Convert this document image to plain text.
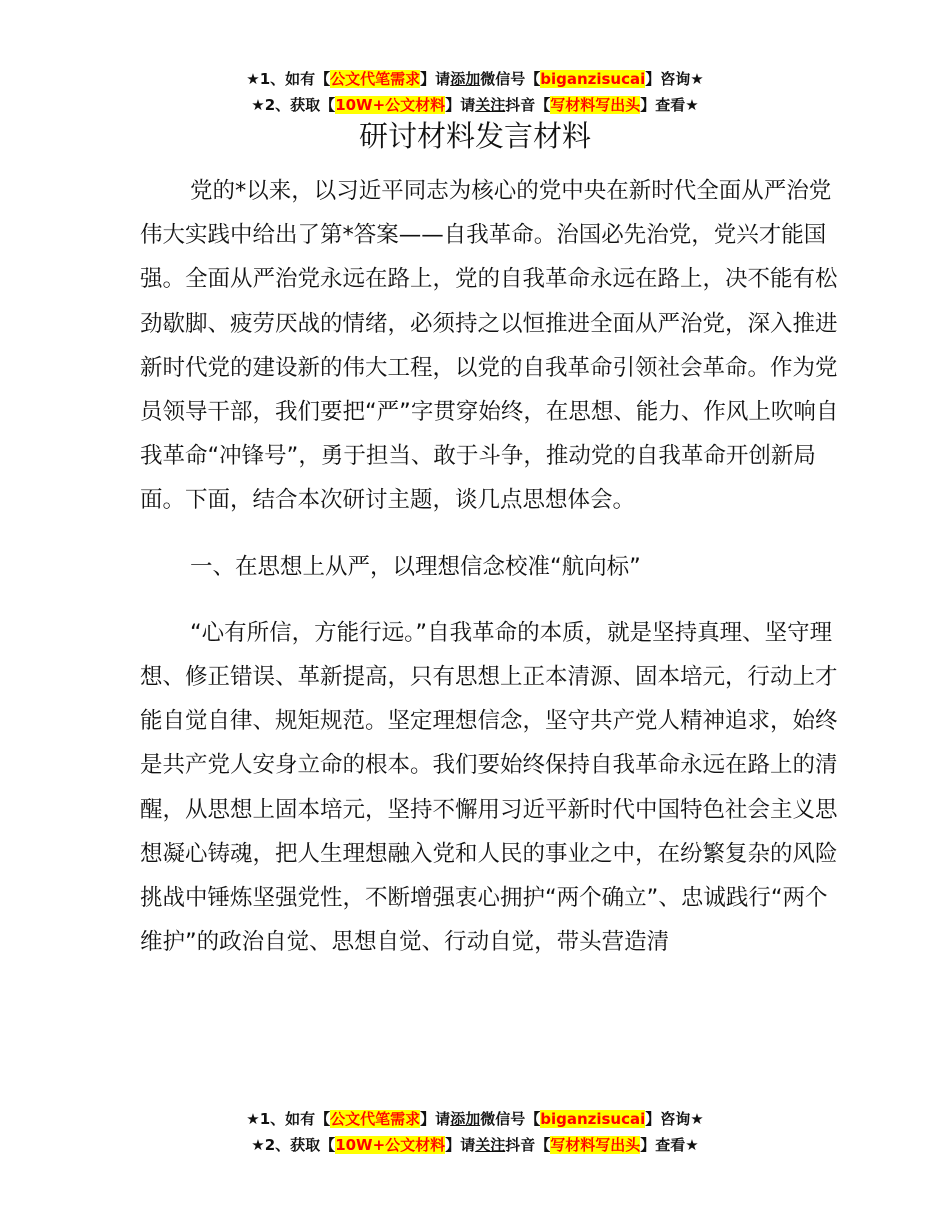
★1、如有【公文代笔需求】请添加微信号【biganzisucai】咨询★
★2、获取【10W+公文材料】请关注抖音【写材料写出头】查看★
研讨材料发言材料

党的*以来，以习近平同志为核心的党中央在新时代全面从严治党伟大实践中给出了第*答案——自我革命。治国必先治党，党兴才能国强。全面从严治党永远在路上，党的自我革命永远在路上，决不能有松劲歇脚、疲劳厌战的情绪，必须持之以恒推进全面从严治党，深入推进新时代党的建设新的伟大工程，以党的自我革命引领社会革命。作为党员领导干部，我们要把“严”字贯穿始终，在思想、能力、作风上吹响自我革命“冲锋号”，勇于担当、敢于斗争，推动党的自我革命开创新局面。下面，结合本次研讨主题，谈几点思想体会。

一、在思想上从严，以理想信念校准“航向标”

“心有所信，方能行远。”自我革命的本质，就是坚持真理、坚守理想、修正错误、革新提高，只有思想上正本清源、固本培元，行动上才能自觉自律、规矩规范。坚定理想信念，坚守共产党人精神追求，始终是共产党人安身立命的根本。我们要始终保持自我革命永远在路上的清醒，从思想上固本培元，坚持不懈用习近平新时代中国特色社会主义思想凝心铸魂，把人生理想融入党和人民的事业之中，在纷繁复杂的风险挑战中锤炼坚强党性，不断增强衷心拥护“两个确立”、忠诚践行“两个维护”的政治自觉、思想自觉、行动自觉，带头营造清

★1、如有【公文代笔需求】请添加微信号【biganzisucai】咨询★
★2、获取【10W+公文材料】请关注抖音【写材料写出头】查看★
